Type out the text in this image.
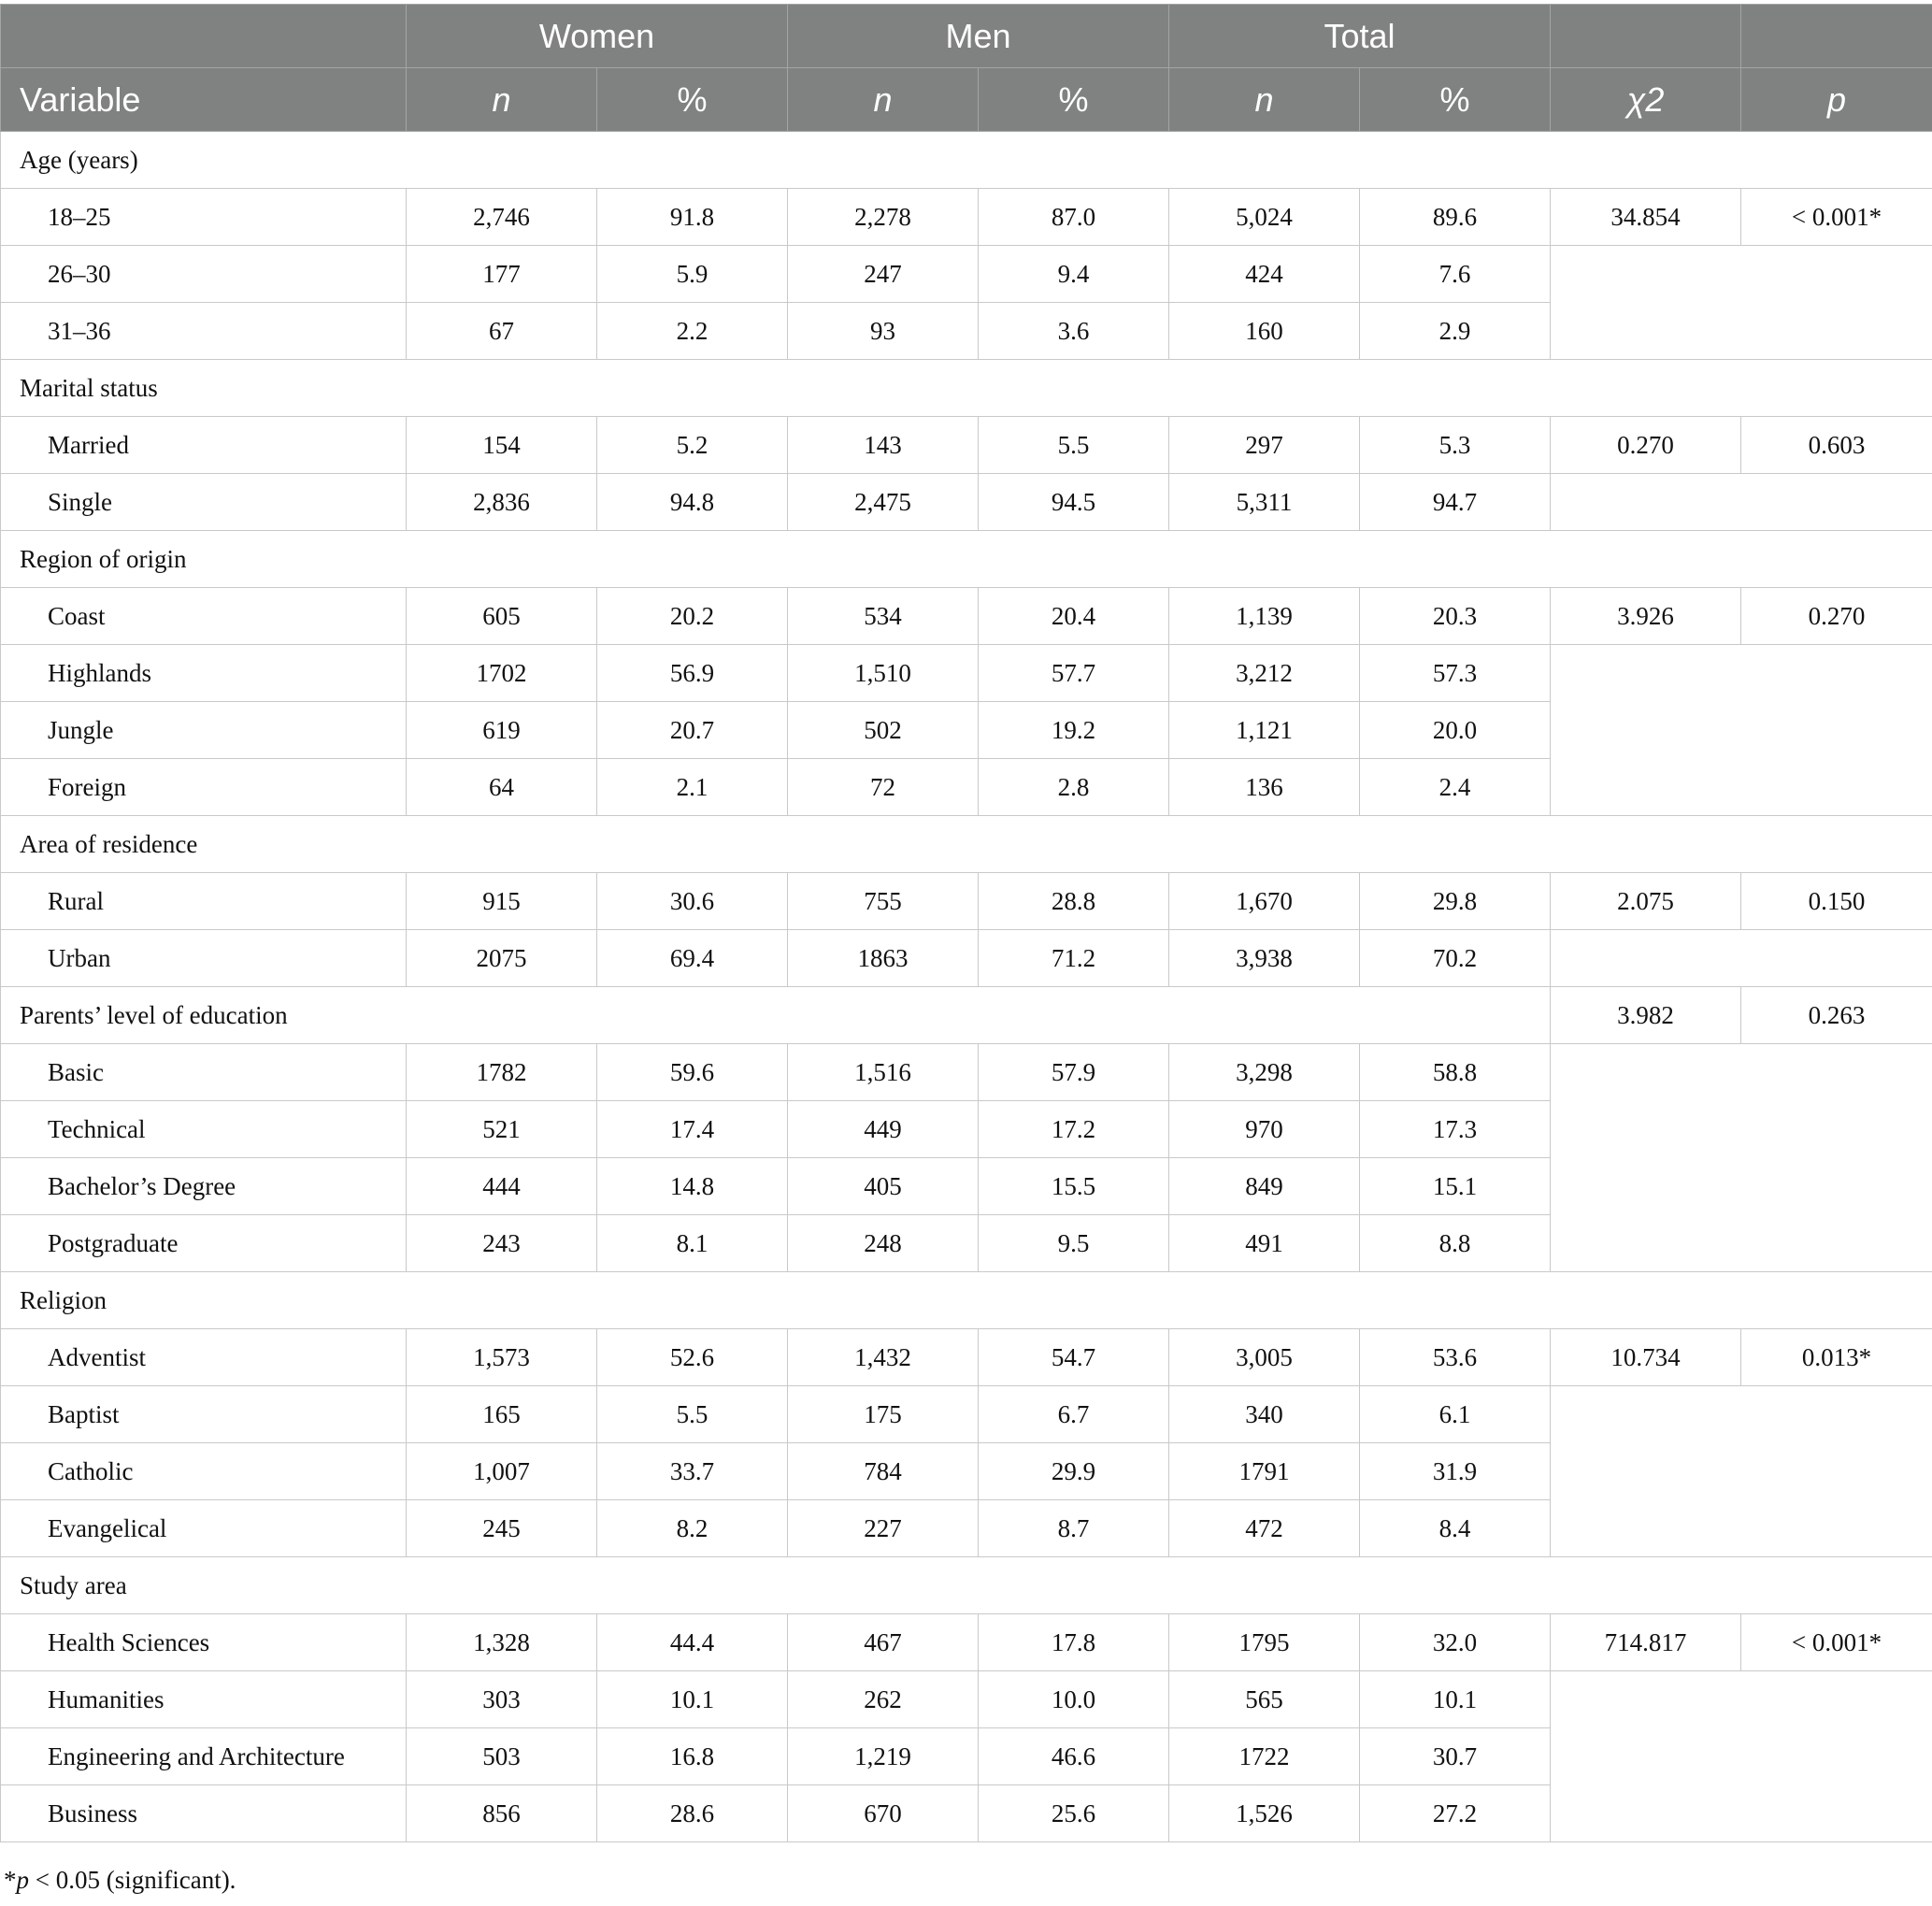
	Women		Men		Total			
Variable	n	%	n	%	n	%	χ2	p
Age (years)								
18–25	2,746	91.8	2,278	87.0	5,024	89.6	34.854	< 0.001*
26–30	177	5.9	247	9.4	424	7.6		
31–36	67	2.2	93	3.6	160	2.9		
Marital status								
Married	154	5.2	143	5.5	297	5.3	0.270	0.603
Single	2,836	94.8	2,475	94.5	5,311	94.7		
Region of origin								
Coast	605	20.2	534	20.4	1,139	20.3	3.926	0.270
Highlands	1702	56.9	1,510	57.7	3,212	57.3		
Jungle	619	20.7	502	19.2	1,121	20.0		
Foreign	64	2.1	72	2.8	136	2.4		
Area of residence								
Rural	915	30.6	755	28.8	1,670	29.8	2.075	0.150
Urban	2075	69.4	1863	71.2	3,938	70.2		
Parents’ level of education							3.982	0.263
Basic	1782	59.6	1,516	57.9	3,298	58.8		
Technical	521	17.4	449	17.2	970	17.3		
Bachelor’s Degree	444	14.8	405	15.5	849	15.1		
Postgraduate	243	8.1	248	9.5	491	8.8		
Religion								
Adventist	1,573	52.6	1,432	54.7	3,005	53.6	10.734	0.013*
Baptist	165	5.5	175	6.7	340	6.1		
Catholic	1,007	33.7	784	29.9	1791	31.9		
Evangelical	245	8.2	227	8.7	472	8.4		
Study area								
Health Sciences	1,328	44.4	467	17.8	1795	32.0	714.817	< 0.001*
Humanities	303	10.1	262	10.0	565	10.1		
Engineering and Architecture	503	16.8	1,219	46.6	1722	30.7		
Business	856	28.6	670	25.6	1,526	27.2		
*p < 0.05 (significant).
